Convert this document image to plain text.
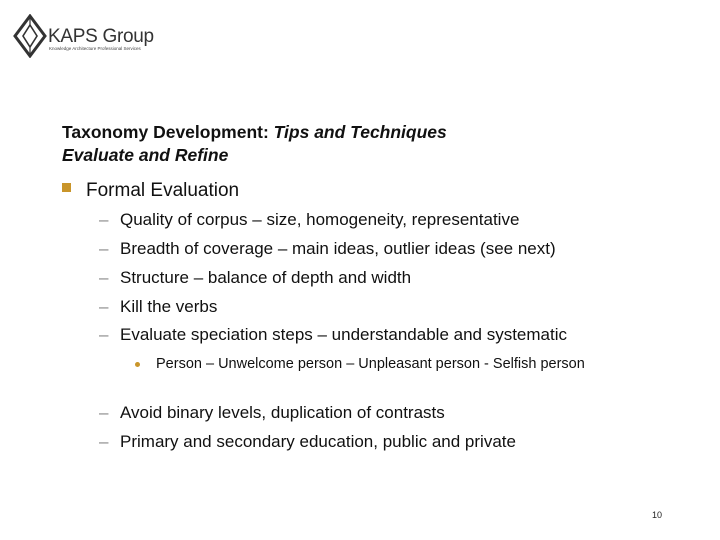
KAPS Group
Knowledge Architecture Professional Services
Taxonomy Development: Tips and Techniques
Evaluate and Refine
Formal Evaluation
– Quality of corpus – size, homogeneity, representative
– Breadth of coverage – main ideas, outlier ideas (see next)
– Structure – balance of depth and width
– Kill the verbs
– Evaluate speciation steps – understandable and systematic
Person – Unwelcome person – Unpleasant person - Selfish person
– Avoid binary levels, duplication of contrasts
– Primary and secondary education, public and private
10
